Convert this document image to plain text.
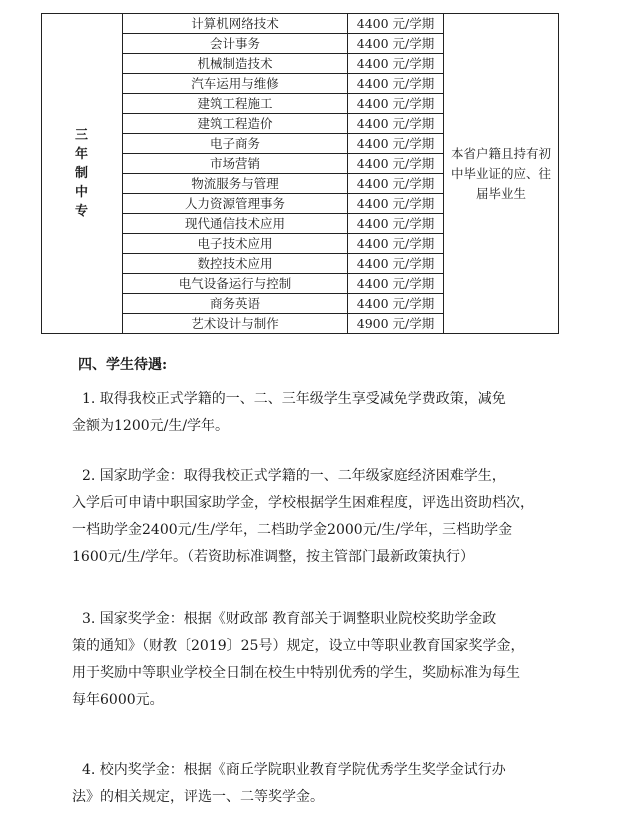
三年制中专	计算机网络技术	4400 元/学期	本省户籍且持有初中毕业证的应、往届毕业生

	会计事务	4400 元/学期	
	机械制造技术	4400 元/学期	
	汽车运用与维修	4400 元/学期	
	建筑工程施工	4400 元/学期	
	建筑工程造价	4400 元/学期	
	电子商务	4400 元/学期	
	市场营销	4400 元/学期	
	物流服务与管理	4400 元/学期	
	人力资源管理事务	4400 元/学期	
	现代通信技术应用	4400 元/学期	
	电子技术应用	4400 元/学期	
	数控技术应用	4400 元/学期	
	电气设备运行与控制	4400 元/学期	
	商务英语	4400 元/学期	
	艺术设计与制作	4900 元/学期	
四、学生待遇:
1. 取得我校正式学籍的一、二、三年级学生享受减免学费政策，减免
金额为1200元/生/学年。
2. 国家助学金：取得我校正式学籍的一、二年级家庭经济困难学生，
入学后可申请中职国家助学金，学校根据学生困难程度，评选出资助档次，
一档助学金2400元/生/学年，二档助学金2000元/生/学年，三档助学金
1600元/生/学年。（若资助标准调整，按主管部门最新政策执行）
3. 国家奖学金：根据《财政部 教育部关于调整职业院校奖助学金政
策的通知》（财教〔2019〕25号）规定，设立中等职业教育国家奖学金，
用于奖励中等职业学校全日制在校生中特别优秀的学生，奖励标准为每生
每年6000元。
4. 校内奖学金：根据《商丘学院职业教育学院优秀学生奖学金试行办
法》的相关规定，评选一、二等奖学金。
